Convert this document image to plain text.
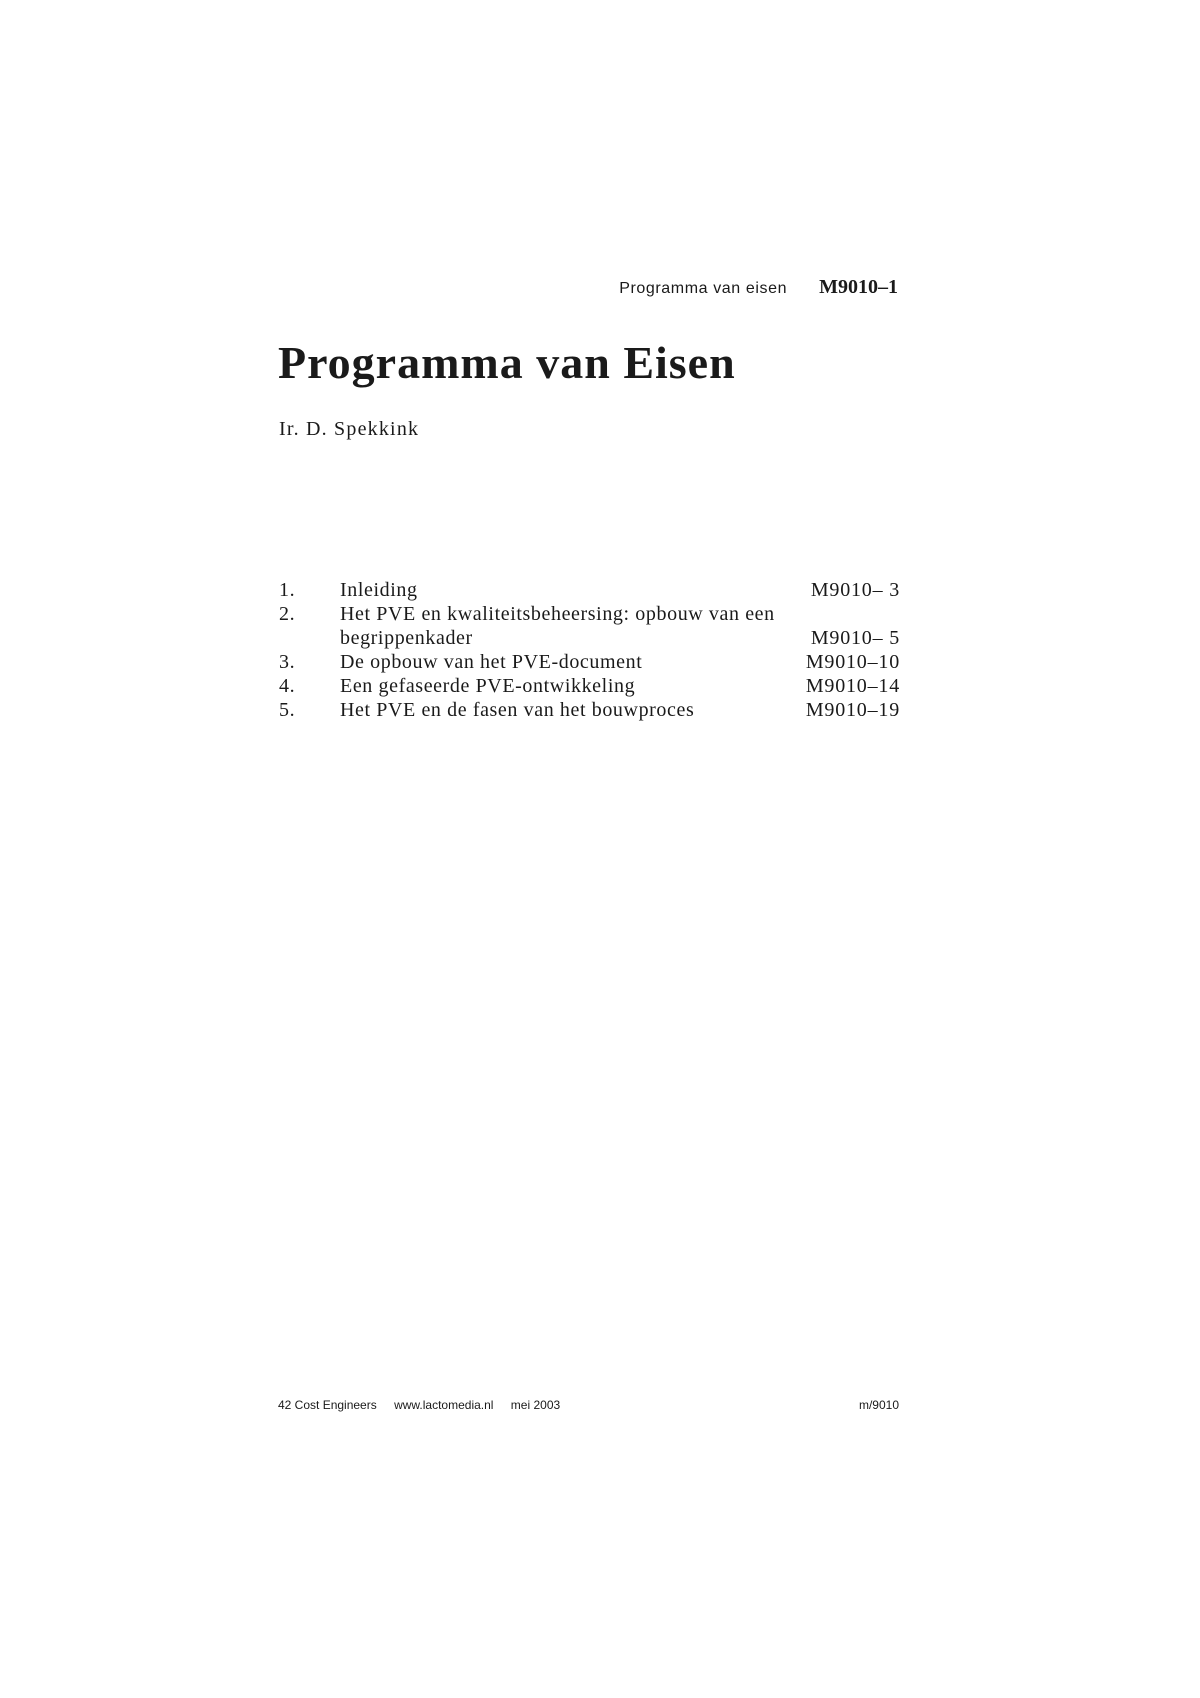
Programma van eisen M9010–1
Programma van Eisen
Ir. D. Spekkink
1.	Inleiding	M9010– 3
2.	Het PVE en kwaliteitsbeheersing: opbouw van een begrippenkader	M9010– 5
3.	De opbouw van het PVE-document	M9010–10
4.	Een gefaseerde PVE-ontwikkeling	M9010–14
5.	Het PVE en de fasen van het bouwproces	M9010–19
42 Cost Engineers www.lactomedia.nl mei 2003	m/9010
